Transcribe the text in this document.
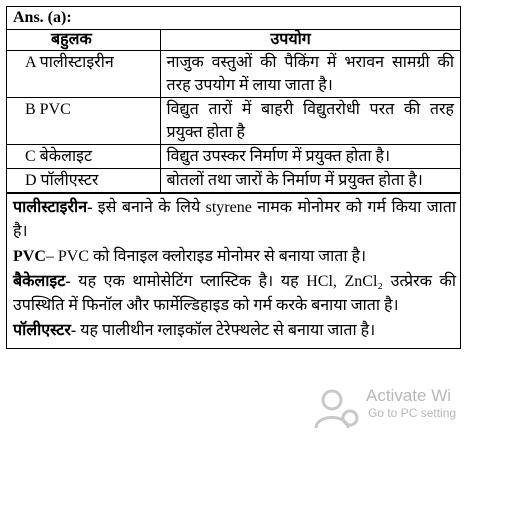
Ans. (a):
बहुलक	उपयोग
A पालीस्टाइरीन	नाजुक वस्तुओं की पैकिंग में भरावन सामग्री की तरह उपयोग में लाया जाता है।
B PVC	विद्युत तारों में बाहरी विद्युतरोधी परत की तरह प्रयुक्त होता है
C बेकेलाइट	विद्युत उपस्कर निर्माण में प्रयुक्त होता है।
D पॉलीएस्टर	बोतलों तथा जारों के निर्माण में प्रयुक्त होता है।

पालीस्टाइरीन- इसे बनाने के लिये styrene नामक मोनोमर को गर्म किया जाता है।

PVC– PVC को विनाइल क्लोराइड मोनोमर से बनाया जाता है।

बैकेलाइट- यह एक थामोसेटिंग प्लास्टिक है। यह HCl, ZnCl₂ उत्प्रेरक की उपस्थिति में फिनॉल और फार्मेल्डिहाइड को गर्म करके बनाया जाता है।

पॉलीएस्टर- यह पालीथीन ग्लाइकॉल टेरेफ्थलेट से बनाया जाता है।

Activate Wi
Go to PC setting
